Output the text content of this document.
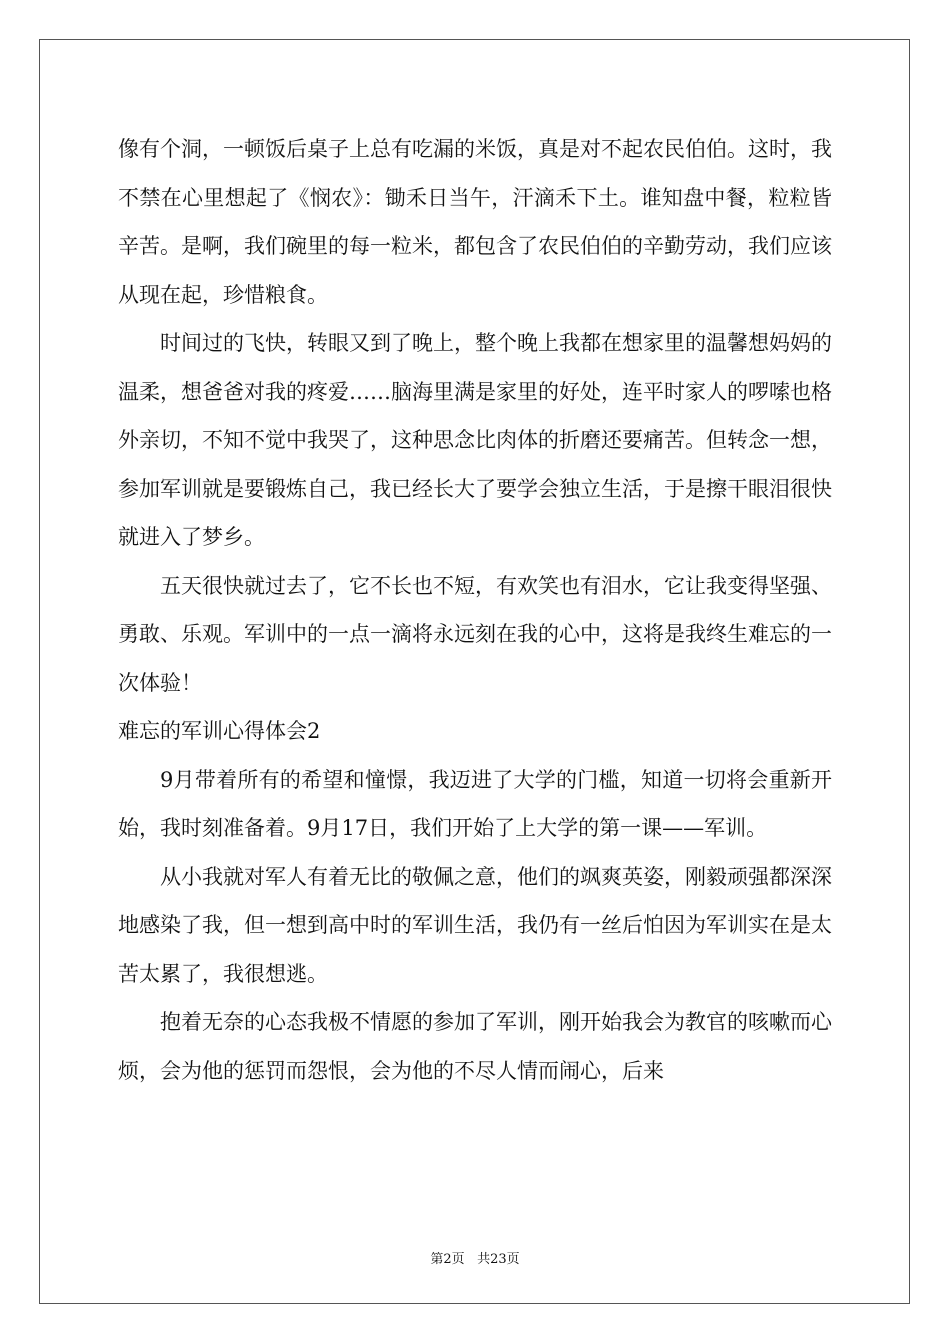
像有个洞，一顿饭后桌子上总有吃漏的米饭，真是对不起农民伯伯。这时，我不禁在心里想起了《悯农》：锄禾日当午，汗滴禾下土。谁知盘中餐，粒粒皆辛苦。是啊，我们碗里的每一粒米，都包含了农民伯伯的辛勤劳动，我们应该从现在起，珍惜粮食。

时间过的飞快，转眼又到了晚上，整个晚上我都在想家里的温馨想妈妈的温柔，想爸爸对我的疼爱……脑海里满是家里的好处，连平时家人的啰嗦也格外亲切，不知不觉中我哭了，这种思念比肉体的折磨还要痛苦。但转念一想，参加军训就是要锻炼自己，我已经长大了要学会独立生活，于是擦干眼泪很快就进入了梦乡。

五天很快就过去了，它不长也不短，有欢笑也有泪水，它让我变得坚强、勇敢、乐观。军训中的一点一滴将永远刻在我的心中，这将是我终生难忘的一次体验！

难忘的军训心得体会2

9月带着所有的希望和憧憬，我迈进了大学的门槛，知道一切将会重新开始，我时刻准备着。9月17日，我们开始了上大学的第一课——军训。

从小我就对军人有着无比的敬佩之意，他们的飒爽英姿，刚毅顽强都深深地感染了我，但一想到高中时的军训生活，我仍有一丝后怕因为军训实在是太苦太累了，我很想逃。

抱着无奈的心态我极不情愿的参加了军训，刚开始我会为教官的咳嗽而心烦，会为他的惩罚而怨恨，会为他的不尽人情而闹心，后来

第2页 共23页
